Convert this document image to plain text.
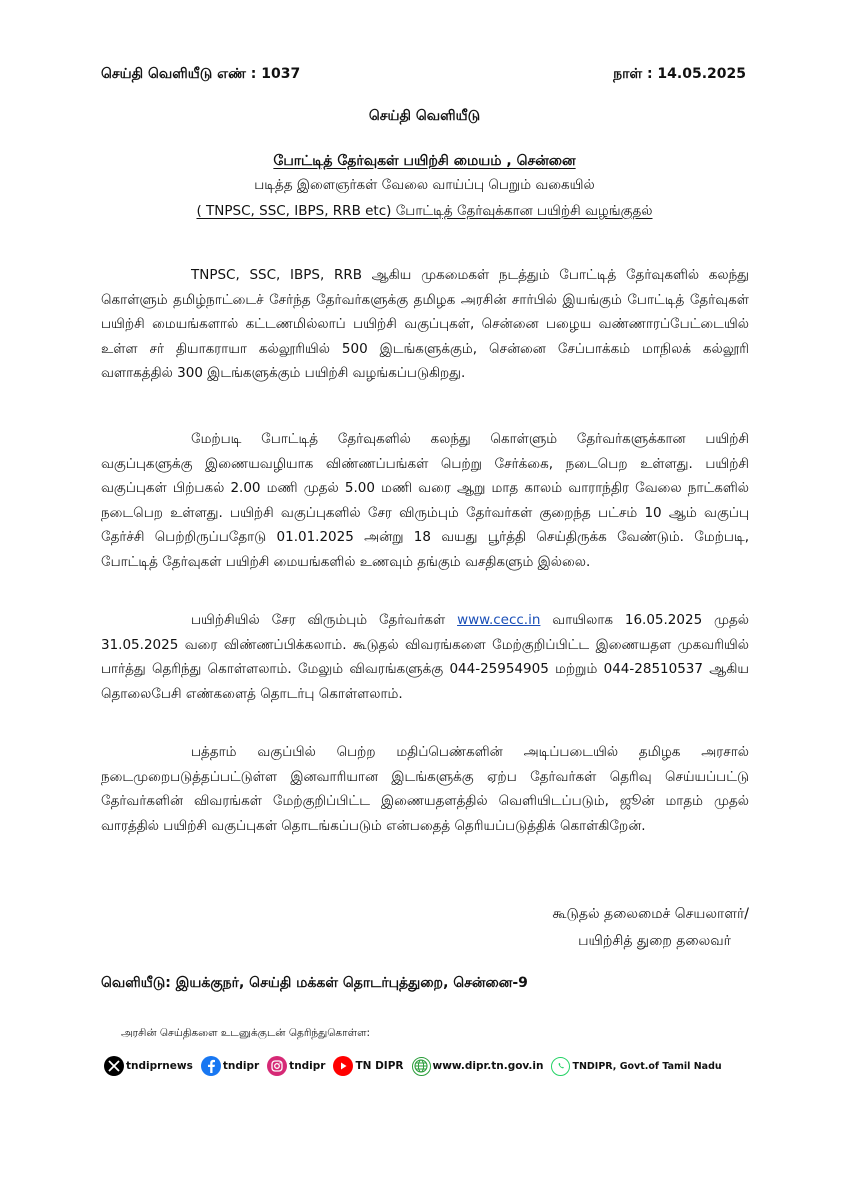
செய்தி வெளியீடு எண் : 1037	நாள் : 14.05.2025
செய்தி வெளியீடு
போட்டித் தேர்வுகள் பயிற்சி மையம் , சென்னை
படித்த இளைஞர்கள் வேலை வாய்ப்பு பெறும் வகையில்
( TNPSC, SSC, IBPS, RRB etc) போட்டித் தேர்வுக்கான பயிற்சி வழங்குதல்

TNPSC, SSC, IBPS, RRB ஆகிய முகமைகள் நடத்தும் போட்டித் தேர்வுகளில் கலந்து கொள்ளும் தமிழ்நாட்டைச் சேர்ந்த தேர்வர்களுக்கு தமிழக அரசின் சார்பில் இயங்கும் போட்டித் தேர்வுகள் பயிற்சி மையங்களால் கட்டணமில்லாப் பயிற்சி வகுப்புகள், சென்னை பழைய வண்ணாரப்பேட்டையில் உள்ள சர் தியாகராயா கல்லூரியில் 500 இடங்களுக்கும், சென்னை சேப்பாக்கம் மாநிலக் கல்லூரி வளாகத்தில் 300 இடங்களுக்கும் பயிற்சி வழங்கப்படுகிறது.

மேற்படி போட்டித் தேர்வுகளில் கலந்து கொள்ளும் தேர்வர்களுக்கான பயிற்சி வகுப்புகளுக்கு இணையவழியாக விண்ணப்பங்கள் பெற்று சேர்க்கை, நடைபெற உள்ளது. பயிற்சி வகுப்புகள் பிற்பகல் 2.00 மணி முதல் 5.00 மணி வரை ஆறு மாத காலம் வாராந்திர வேலை நாட்களில் நடைபெற உள்ளது. பயிற்சி வகுப்புகளில் சேர விரும்பும் தேர்வர்கள் குறைந்த பட்சம் 10 ஆம் வகுப்பு தேர்ச்சி பெற்றிருப்பதோடு 01.01.2025 அன்று 18 வயது பூர்த்தி செய்திருக்க வேண்டும். மேற்படி, போட்டித் தேர்வுகள் பயிற்சி மையங்களில் உணவும் தங்கும் வசதிகளும் இல்லை.

பயிற்சியில் சேர விரும்பும் தேர்வர்கள் www.cecc.in வாயிலாக 16.05.2025 முதல் 31.05.2025 வரை விண்ணப்பிக்கலாம். கூடுதல் விவரங்களை மேற்குறிப்பிட்ட இணையதள முகவரியில் பார்த்து தெரிந்து கொள்ளலாம். மேலும் விவரங்களுக்கு 044-25954905 மற்றும் 044-28510537 ஆகிய தொலைபேசி எண்களைத் தொடர்பு கொள்ளலாம்.

பத்தாம் வகுப்பில் பெற்ற மதிப்பெண்களின் அடிப்படையில் தமிழக அரசால் நடைமுறைபடுத்தப்பட்டுள்ள இனவாரியான இடங்களுக்கு ஏற்ப தேர்வர்கள் தெரிவு செய்யப்பட்டு தேர்வர்களின் விவரங்கள் மேற்குறிப்பிட்ட இணையதளத்தில் வெளியிடப்படும், ஜூன் மாதம் முதல் வாரத்தில் பயிற்சி வகுப்புகள் தொடங்கப்படும் என்பதைத் தெரியப்படுத்திக் கொள்கிறேன்.

கூடுதல் தலைமைச் செயலாளர்/
பயிற்சித் துறை தலைவர்
வெளியீடு: இயக்குநர், செய்தி மக்கள் தொடர்புத்துறை, சென்னை-9
அரசின் செய்திகளை உடனுக்குடன் தெரிந்துகொள்ள:
tndiprnews	tndipr	tndipr	TN DIPR	www.dipr.tn.gov.in	TNDIPR, Govt.of Tamil Nadu
